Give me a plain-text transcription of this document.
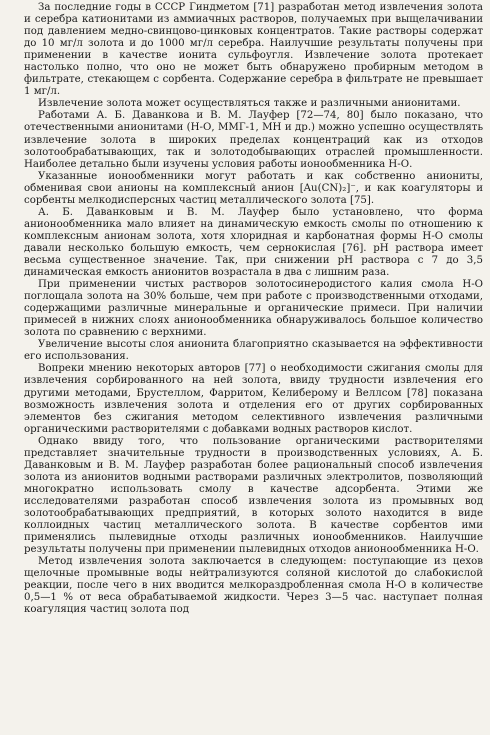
За последние годы в СССР Гиндметом [71] разработан метод извлечения золота и серебра катионитами из аммиачных растворов, получаемых при выщелачивании под давлением медно-свинцово-цинковых концентратов. Такие растворы содержат до 10 мг/л золота и до 1000 мг/л серебра. Наилучшие результаты получены при применении в качестве ионита сульфоугля. Извлечение золота протекает настолько полно, что оно не может быть обнаружено пробирным методом в фильтрате, стекающем с сорбента. Содержание серебра в фильтрате не превышает 1 мг/л.

Извлечение золота может осуществляться также и различными анионитами.

Работами А. Б. Даванкова и В. М. Лауфер [72—74, 80] было показано, что отечественными анионитами (Н-О, ММГ-1, МН и др.) можно успешно осуществлять извлечение золота в широких пределах концентраций как из отходов золотообрабатывающих, так и золотодобывающих отраслей промышленности. Наиболее детально были изучены условия работы ионообменника Н-О.

Указанные ионообменники могут работать и как собственно аниониты, обменивая свои анионы на комплексный анион [Au(CN)₂]⁻, и как коагуляторы и сорбенты мелкодисперсных частиц металлического золота [75].

А. Б. Даванковым и В. М. Лауфер было установлено, что форма анионообменника мало влияет на динамическую емкость смолы по отношению к комплексным анионам золота, хотя хлоридная и карбонатная формы Н-О смолы давали несколько большую емкость, чем сернокислая [76]. pH раствора имеет весьма существенное значение. Так, при снижении pH раствора с 7 до 3,5 динамическая емкость анионитов возрастала в два с лишним раза.

При применении чистых растворов золотосинеродистого калия смола Н-О поглощала золота на 30% больше, чем при работе с производственными отходами, содержащими различные минеральные и органические примеси. При наличии примесей в нижних слоях анионообменника обнаруживалось большое количество золота по сравнению с верхними.

Увеличение высоты слоя анионита благоприятно сказывается на эффективности его использования.

Вопреки мнению некоторых авторов [77] о необходимости сжигания смолы для извлечения сорбированного на ней золота, ввиду трудности извлечения его другими методами, Брустеллом, Фарритом, Келиберому и Веллсом [78] показана возможность извлечения золота и отделения его от других сорбированных элементов без сжигания методом селективного извлечения различными органическими растворителями с добавками водных растворов кислот.

Однако ввиду того, что пользование органическими растворителями представляет значительные трудности в производственных условиях, А. Б. Даванковым и В. М. Лауфер разработан более рациональный способ извлечения золота из анионитов водными растворами различных электролитов, позволяющий многократно использовать смолу в качестве адсорбента. Этими же исследователями разработан способ извлечения золота из промывных вод золотообрабатывающих предприятий, в которых золото находится в виде коллоидных частиц металлического золота. В качестве сорбентов ими применялись пылевидные отходы различных ионообменников. Наилучшие результаты получены при применении пылевидных отходов анионообменника Н-О.

Метод извлечения золота заключается в следующем: поступающие из цехов щелочные промывные воды нейтрализуются соляной кислотой до слабокислой реакции, после чего в них вводится мелкораздробленная смола Н-О в количестве 0,5—1 % от веса обрабатываемой жидкости. Через 3—5 час. наступает полная коагуляция частиц золота под
